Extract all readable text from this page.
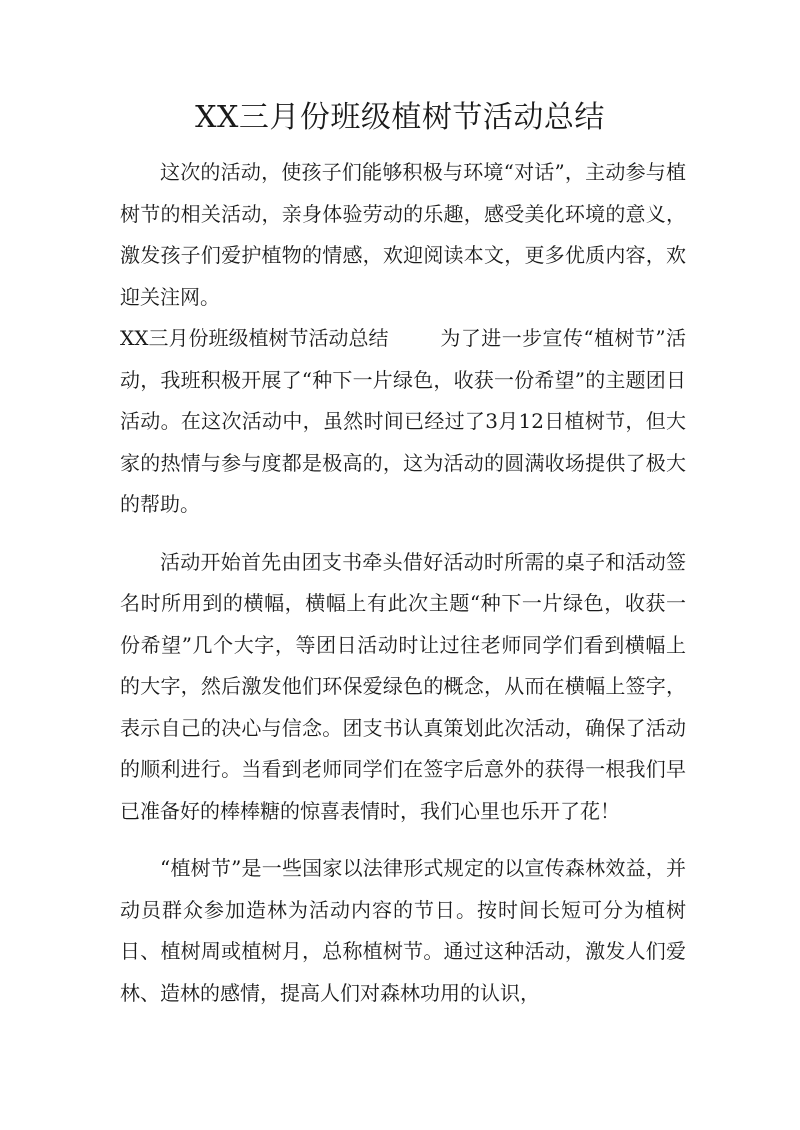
XX三月份班级植树节活动总结

这次的活动，使孩子们能够积极与环境“对话”，主动参与植树节的相关活动，亲身体验劳动的乐趣，感受美化环境的意义，激发孩子们爱护植物的情感，欢迎阅读本文，更多优质内容，欢迎关注网。

XX三月份班级植树节活动总结	为了进一步宣传“植树节”活动，我班积极开展了“种下一片绿色，收获一份希望”的主题团日活动。在这次活动中，虽然时间已经过了3月12日植树节，但大家的热情与参与度都是极高的，这为活动的圆满收场提供了极大的帮助。

活动开始首先由团支书牵头借好活动时所需的桌子和活动签名时所用到的横幅，横幅上有此次主题“种下一片绿色，收获一份希望”几个大字，等团日活动时让过往老师同学们看到横幅上的大字，然后激发他们环保爱绿色的概念，从而在横幅上签字，表示自己的决心与信念。团支书认真策划此次活动，确保了活动的顺利进行。当看到老师同学们在签字后意外的获得一根我们早已准备好的棒棒糖的惊喜表情时，我们心里也乐开了花！

“植树节”是一些国家以法律形式规定的以宣传森林效益，并动员群众参加造林为活动内容的节日。按时间长短可分为植树日、植树周或植树月，总称植树节。通过这种活动，激发人们爱林、造林的感情，提高人们对森林功用的认识，
